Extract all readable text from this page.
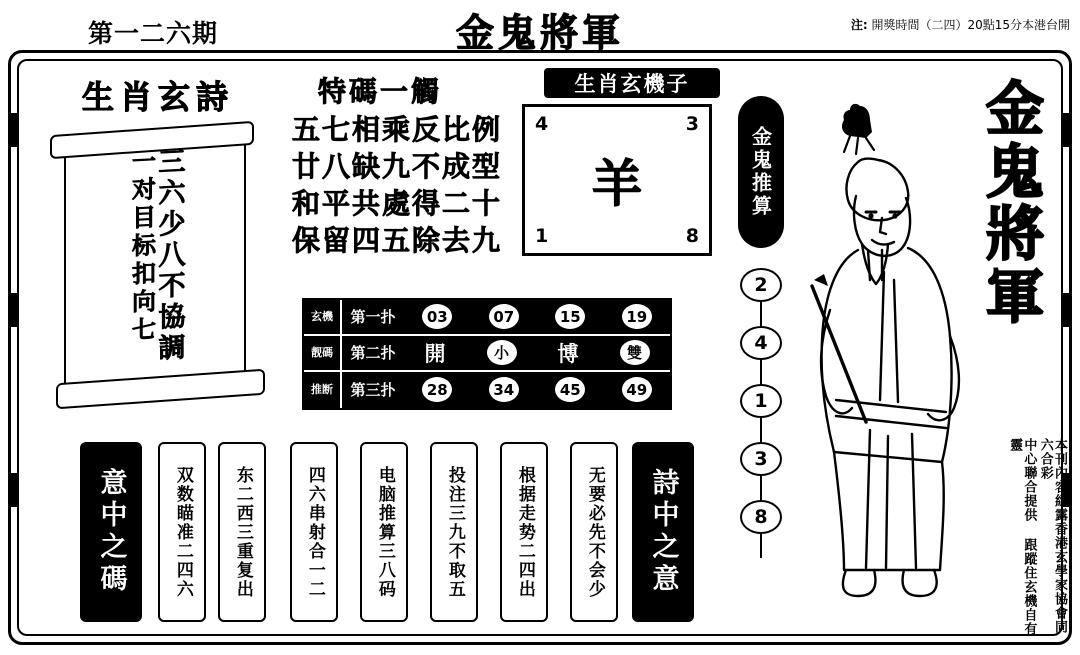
第一二六期	金鬼將軍	注: 開獎時間（二四）20點15分本港台開
生肖玄詩
三六少八不協調
一对目标扣向七
特碼一觸
五七相乘反比例
廿八缺九不成型
和平共處得二十
保留四五除去九
生肖玄機子
4	3
1	8
羊
玄機	第一扑	03	07	15	19
靓碼	第二扑	開	小	博	雙
推断	第三扑	28	34	45	49
意中之碼	双数瞄准二四六 东二西三重复出	四六串射合一二	电脑推算三八码	投注三九不取五	根据走势二四出	无要必先不会少 詩中之意
金鬼推算
2
4
1
3
8
金
鬼
將
軍
中心聯合提供 跟蹤住玄機自有靈	本刊內容經露香港玄學家協會同六合彩
